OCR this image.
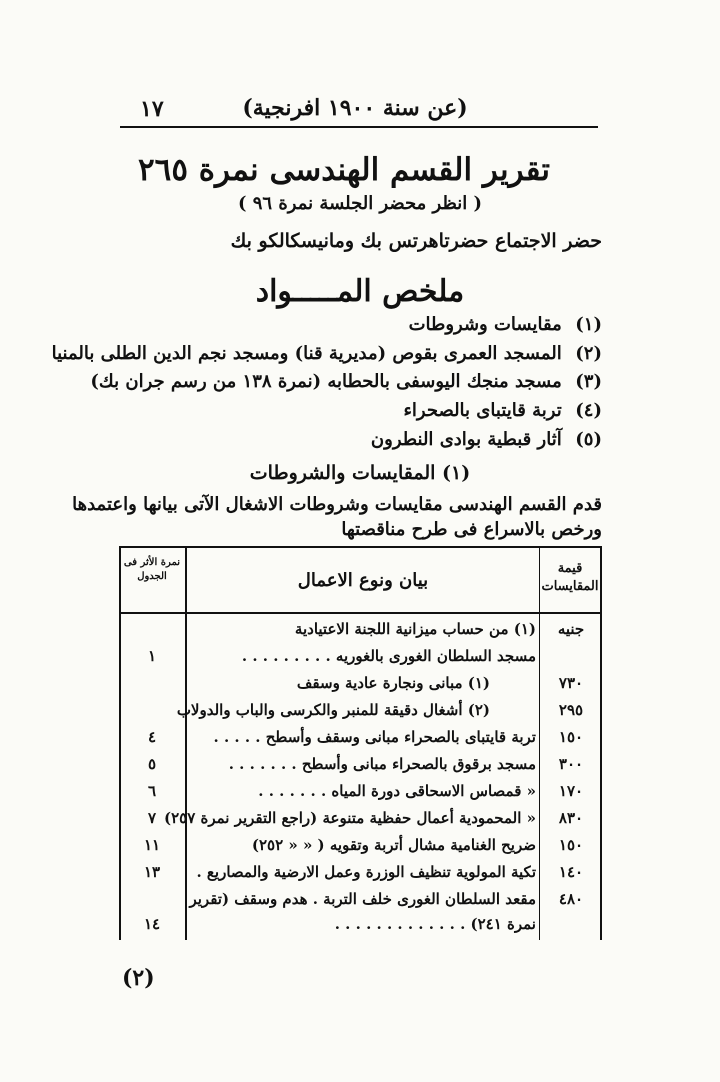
(عن سنة ١٩٠٠ افرنجية)
١٧
تقرير القسم الهندسى نمرة ٢٦٥
( انظر محضر الجلسة نمرة ٩٦ )
حضر الاجتماع حضرتاهرتس بك ومانيسكالكو بك
ملخص المـــــواد
(١) مقايسات وشروطات
(٢) المسجد العمرى بقوص (مديرية قنا) ومسجد نجم الدين الطلى بالمنيا
(٣) مسجد منجك اليوسفى بالحطابه (نمرة ١٣٨ من رسم جران بك)
(٤) تربة قايتباى بالصحراء
(٥) آثار قبطية بوادى النطرون
(١) المقايسات والشروطات
قدم القسم الهندسى مقايسات وشروطات الاشغال الآتى بيانها واعتمدها
ورخص بالاسراع فى طرح مناقصتها
قيمة المقايسات
بيان ونوع الاعمال
نمرة الأثر فى الجدول
جنيه
(١) من حساب ميزانية اللجنة الاعتيادية
مسجد السلطان الغورى بالغوريه . . . . . . . . .
١
٧٣٠
(١) مبانى ونجارة عادية وسقف
٢٩٥
(٢) أشغال دقيقة للمنبر والكرسى والباب والدولاب
١٥٠
تربة قايتباى بالصحراء مبانى وسقف وأسطح . . . . .
٤
٣٠٠
مسجد برقوق بالصحراء مبانى وأسطح . . . . . . .
٥
١٧٠
« قمصاس الاسحاقى دورة المياه . . . . . . .
٦
٨٣٠
« المحمودية أعمال حفظية متنوعة (راجع التقرير نمرة ٢٥٧)
٧
١٥٠
ضريح الغنامية مشال أتربة وتقويه ( « « ٢٥٢)
١١
١٤٠
تكية المولوية تنظيف الوزرة وعمل الارضية والمصاريع .
١٣
٤٨٠
مقعد السلطان الغورى خلف التربة . هدم وسقف (تقرير
نمرة ٢٤١) . . . . . . . . . . . . .
١٤
(٢)
